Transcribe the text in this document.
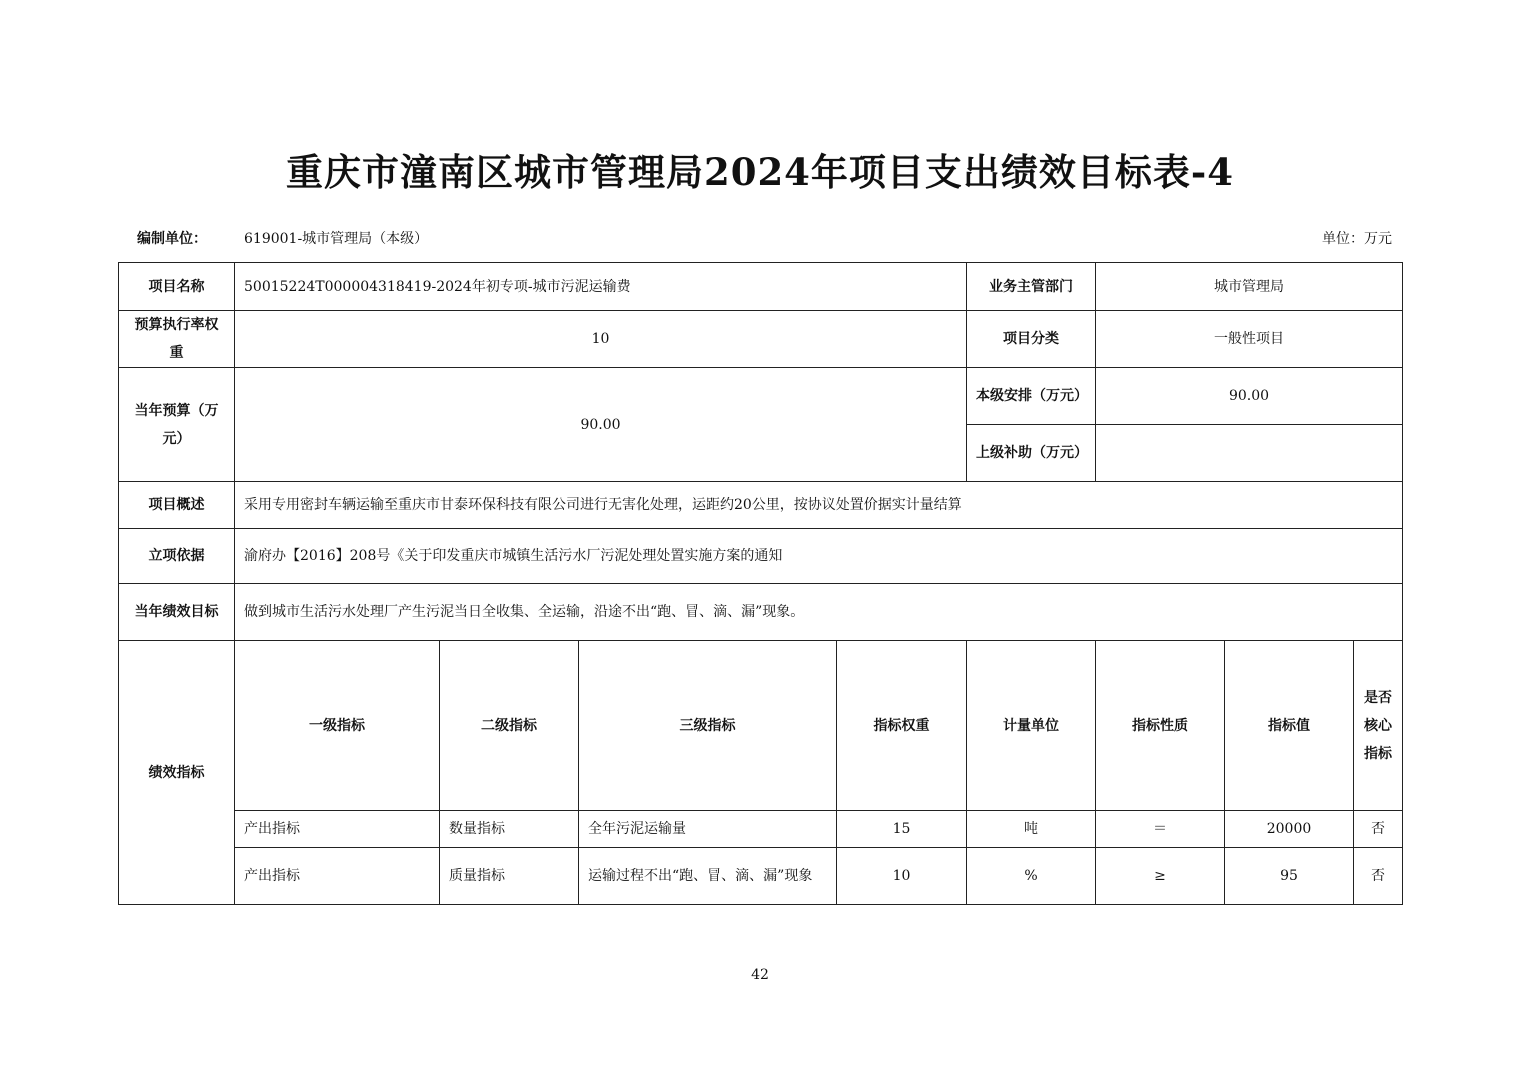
重庆市潼南区城市管理局2024年项目支出绩效目标表-4
编制单位：	619001-城市管理局（本级）	单位：万元
项目名称	50015224T000004318419-2024年初专项-城市污泥运输费				业务主管部门	城市管理局		
预算执行率权重	10				项目分类	一般性项目		
当年预算（万元）	90.00				本级安排（万元）	90.00		
					上级补助（万元）			
项目概述	采用专用密封车辆运输至重庆市甘泰环保科技有限公司进行无害化处理，运距约20公里，按协议处置价据实计量结算							
立项依据	渝府办【2016】208号《关于印发重庆市城镇生活污水厂污泥处理处置实施方案的通知							
当年绩效目标	做到城市生活污水处理厂产生污泥当日全收集、全运输，沿途不出“跑、冒、滴、漏”现象。							
绩效指标	一级指标	二级指标	三级指标	指标权重	计量单位	指标性质	指标值	是否核心指标
	产出指标	数量指标	全年污泥运输量	15	吨	＝	20000	否
	产出指标	质量指标	运输过程不出“跑、冒、滴、漏”现象	10	%	≥	95	否
42
